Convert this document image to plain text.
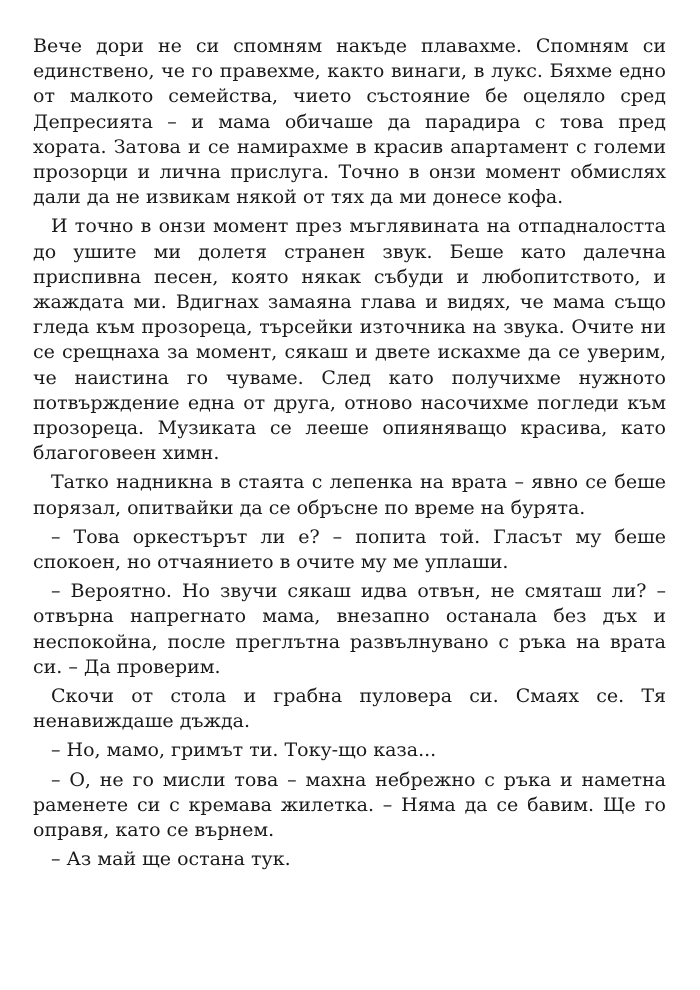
Вече дори не си спомням накъде плавахме. Спомням си единствено, че го правехме, както винаги, в лукс. Бяхме едно от малкото семейства, чието състояние бе оцеляло сред Депресията – и мама обичаше да парадира с това пред хората. Затова и се намирахме в красив апартамент с големи прозорци и лична прислуга. Точно в онзи момент обмислях дали да не извикам някой от тях да ми донесе кофа.

И точно в онзи момент през мъглявината на отпадналостта до ушите ми долетя странен звук. Беше като далечна приспивна песен, която някак събуди и любопитството, и жаждата ми. Вдигнах замаяна глава и видях, че мама също гледа към прозореца, търсейки източника на звука. Очите ни се срещнаха за момент, сякаш и двете искахме да се уверим, че наистина го чуваме. След като получихме нужното потвърждение една от друга, отново насочихме погледи към прозореца. Музиката се лееше опияняващо красива, като благоговеен химн.

Татко надникна в стаята с лепенка на врата – явно се беше порязал, опитвайки да се обръсне по време на бурята.

– Това оркестърът ли е? – попита той. Гласът му беше спокоен, но отчаянието в очите му ме уплаши.

– Вероятно. Но звучи сякаш идва отвън, не смяташ ли? – отвърна напрегнато мама, внезапно останала без дъх и неспокойна, после преглътна развълнувано с ръка на врата си. – Да проверим.

Скочи от стола и грабна пуловера си. Смаях се. Тя ненавиждаше дъжда.

– Но, мамо, гримът ти. Току-що каза...

– О, не го мисли това – махна небрежно с ръка и наметна раменете си с кремава жилетка. – Няма да се бавим. Ще го оправя, като се върнем.

– Аз май ще остана тук.
